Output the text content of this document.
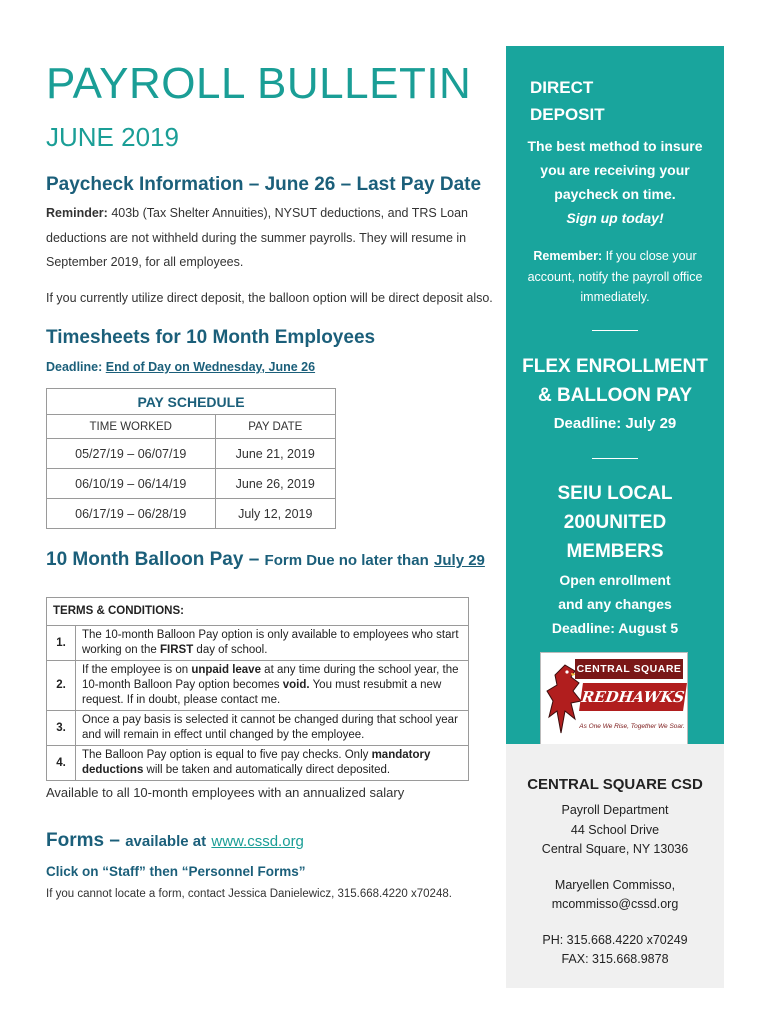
PAYROLL BULLETIN
JUNE 2019
Paycheck Information – June 26 – Last Pay Date
Reminder: 403b (Tax Shelter Annuities), NYSUT deductions, and TRS Loan deductions are not withheld during the summer payrolls. They will resume in September 2019, for all employees.
If you currently utilize direct deposit, the balloon option will be direct deposit also.
Timesheets for 10 Month Employees
Deadline: End of Day on Wednesday, June 26
PAY SCHEDULE	
TIME WORKED	PAY DATE
05/27/19 – 06/07/19	June 21, 2019
06/10/19 – 06/14/19	June 26, 2019
06/17/19 – 06/28/19	July 12, 2019
10 Month Balloon Pay – Form Due no later than July 29
TERMS & CONDITIONS:	
1.	The 10-month Balloon Pay option is only available to employees who start working on the FIRST day of school.
2.	If the employee is on unpaid leave at any time during the school year, the 10-month Balloon Pay option becomes void. You must resubmit a new request. If in doubt, please contact me.
3.	Once a pay basis is selected it cannot be changed during that school year and will remain in effect until changed by the employee.
4.	The Balloon Pay option is equal to five pay checks. Only mandatory deductions will be taken and automatically direct deposited.
Available to all 10-month employees with an annualized salary
Forms – available at www.cssd.org
Click on “Staff” then “Personnel Forms”
If you cannot locate a form, contact Jessica Danielewicz, 315.668.4220 x70248.
DIRECT
DEPOSIT
The best method to insure you are receiving your paycheck on time.
Sign up today!
Remember: If you close your account, notify the payroll office immediately.
FLEX ENROLLMENT
& BALLOON PAY
Deadline: July 29
SEIU LOCAL
200UNITED
MEMBERS
Open enrollment
and any changes
Deadline: August 5
CENTRAL SQUARE
REDHAWKS
As One We Rise, Together We Soar.
CENTRAL SQUARE CSD
Payroll Department
44 School Drive
Central Square, NY 13036
Maryellen Commisso,
mcommisso@cssd.org
PH: 315.668.4220 x70249
FAX: 315.668.9878
